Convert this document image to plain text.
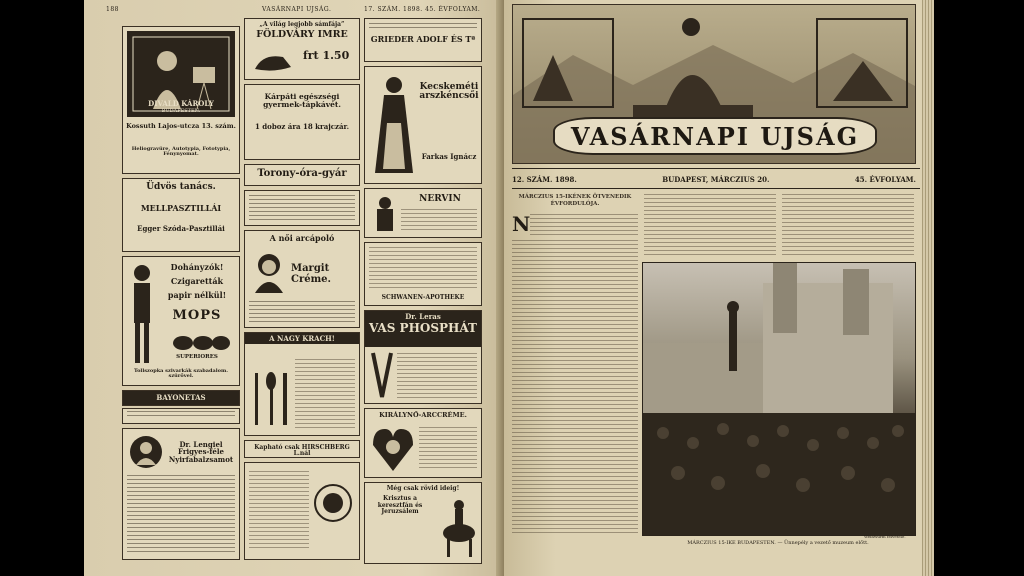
188	VASÁRNAPI UJSÁG.	17. SZÁM. 1898. 45. ÉVFOLYAM.
DIVALD KÁROLY
BUDAPESTEN.
Kossuth Lajos-utcza 13. szám.
Heliogravüre, Autotypia, Fototypia, Fénynyomat.
Üdvös tanács.
MELLPASZTILLÁI
Egger Szóda-Pasztillái
Dohányzók!
Czigaretták
papir nélkül!
MOPS
SUPERIORES
Tollszopka szivarkák szabadalom. szürővel.
BAYONETAS
Dr. Lengiel Frigyes-féle Nyirfabalzsamot
„A világ legjobb sámfája”
FÖLDVÁRY IMRE
frt 1.50
Kárpáti egészségi gyermek-tápkávét.
1 doboz ára 18 krajczár.
Torony-óra-gyár
A női arcápoló
Margit Créme.
A NAGY KRACH!
Kapható csak HIRSCHBERG L.nál
GRIEDER ADOLF ÉS Tª
Kecskeméti arszkéncsői
Farkas Ignácz
NERVIN
SCHWANEN-APOTHEKE
Dr. Leras
VAS PHOSPHÁT
KIRÁLYNŐ-ARCCRÉME.
Még csak rövid ideig!
Krisztus a keresztfán és Jeruzsálem
VASÁRNAPI UJSÁG
12. SZÁM. 1898.	BUDAPEST, MÁRCZIUS 20.	45. ÉVFOLYAM.
MÁRCZIUS 15-IKÉNEK ÖTVENEDIK ÉVFORDULÓJA.
N
Weinwurm felvétele.
MÁRCZIUS 15-IKE BUDAPESTEN. — Ünnepély a vezető muzeum előtt.
